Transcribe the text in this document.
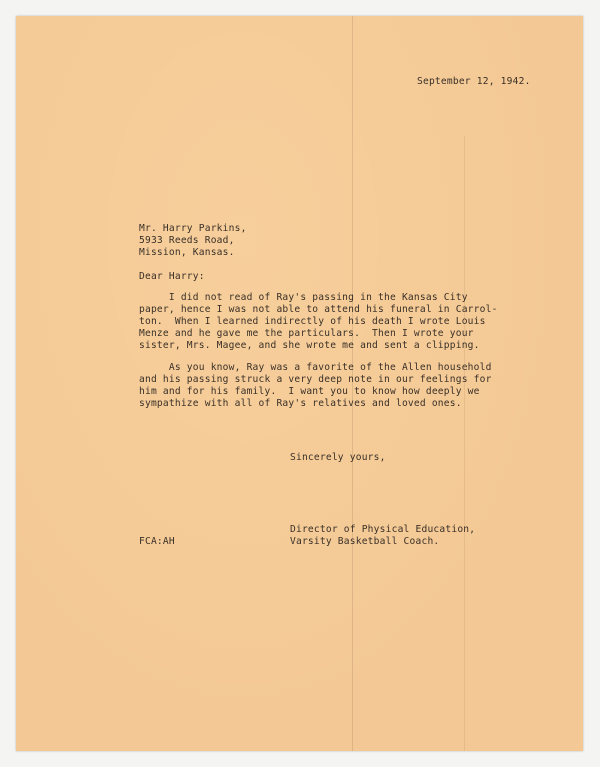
September 12, 1942.
Mr. Harry Parkins,
5933 Reeds Road,
Mission, Kansas.
Dear Harry:
I did not read of Ray's passing in the Kansas City
paper, hence I was not able to attend his funeral in Carrol-
ton.  When I learned indirectly of his death I wrote Louis
Menze and he gave me the particulars.  Then I wrote your
sister, Mrs. Magee, and she wrote me and sent a clipping.
As you know, Ray was a favorite of the Allen household
and his passing struck a very deep note in our feelings for
him and for his family.  I want you to know how deeply we
sympathize with all of Ray's relatives and loved ones.
Sincerely yours,
Director of Physical Education,
Varsity Basketball Coach.
FCA:AH
